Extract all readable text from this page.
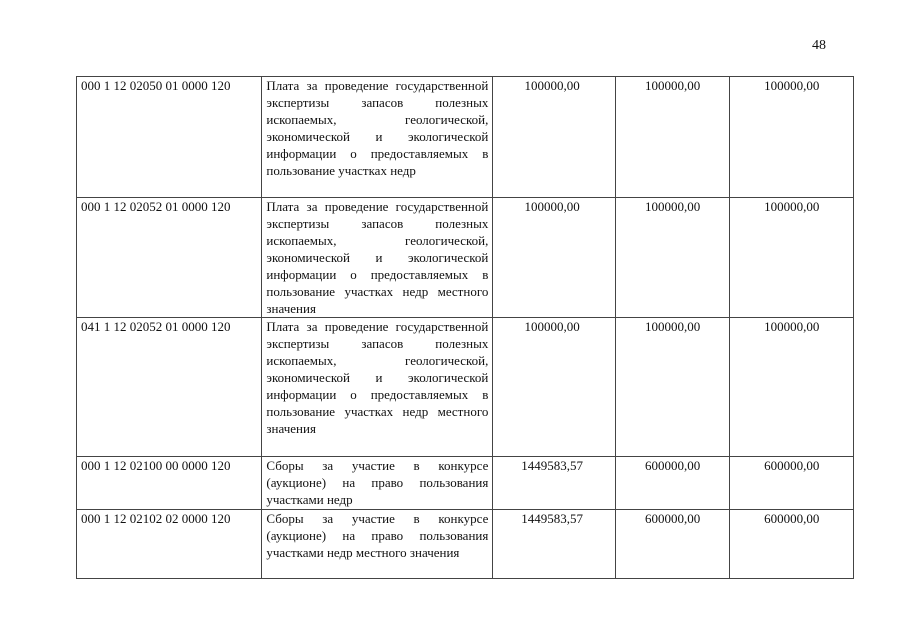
48
000 1 12 02050 01 0000 120	Плата за проведение государственной экспертизы запасов полезных ископаемых, геологической, экономической и экологической информации о предоставляемых в пользование участках недр	100000,00	100000,00	100000,00
000 1 12 02052 01 0000 120	Плата за проведение государственной экспертизы запасов полезных ископаемых, геологической, экономической и экологической информации о предоставляемых в пользование участках недр местного значения	100000,00	100000,00	100000,00
041 1 12 02052 01 0000 120	Плата за проведение государственной экспертизы запасов полезных ископаемых, геологической, экономической и экологической информации о предоставляемых в пользование участках недр местного значения	100000,00	100000,00	100000,00
000 1 12 02100 00 0000 120	Сборы за участие в конкурсе (аукционе) на право пользования участками недр	1449583,57	600000,00	600000,00
000 1 12 02102 02 0000 120	Сборы за участие в конкурсе (аукционе) на право пользования участками недр местного значения	1449583,57	600000,00	600000,00
